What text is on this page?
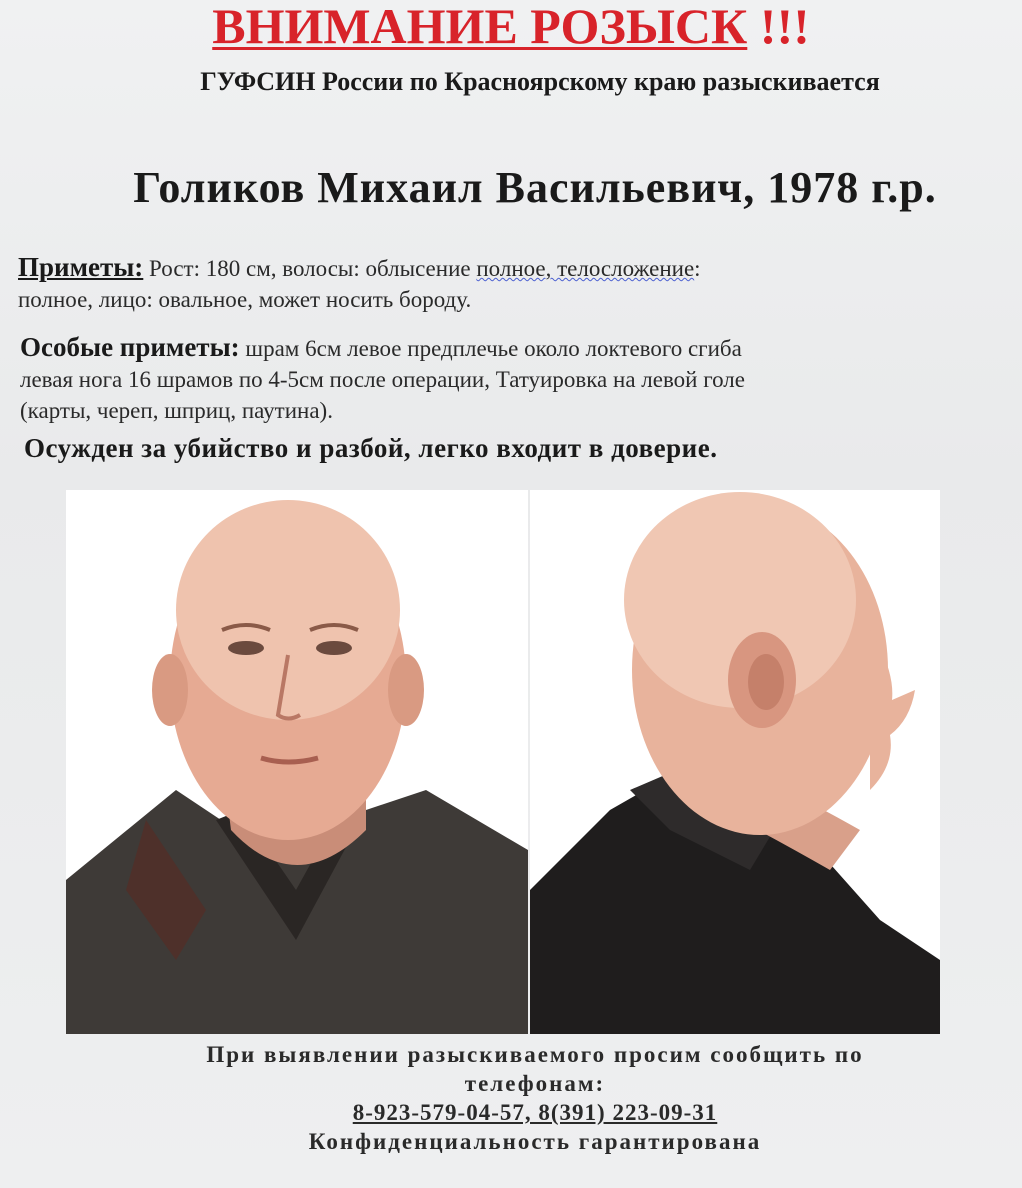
ВНИМАНИЕ РОЗЫСК !!!
ГУФСИН России по Красноярскому краю разыскивается
Голиков Михаил Васильевич, 1978 г.р.
Приметы: Рост: 180 см, волосы: облысение полное, телосложение:
полное, лицо: овальное, может носить бороду.
Особые приметы: шрам 6см левое предплечье около локтевого сгиба
левая нога 16 шрамов по 4-5см после операции, Татуировка на левой голе
(карты, череп, шприц, паутина).
Осужден за убийство и разбой, легко входит в доверие.
При выявлении разыскиваемого просим сообщить по
телефонам:
8-923-579-04-57, 8(391) 223-09-31
Конфиденциальность гарантирована
